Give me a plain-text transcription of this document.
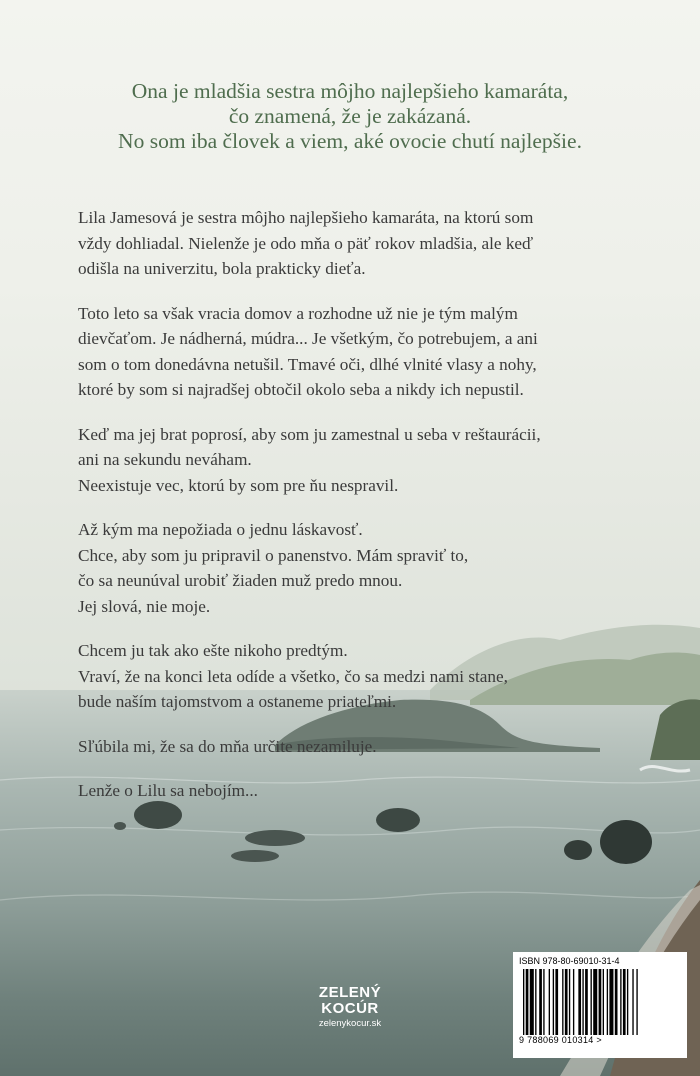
Ona je mladšia sestra môjho najlepšieho kamaráta,
čo znamená, že je zakázaná.
No som iba človek a viem, aké ovocie chutí najlepšie.

Lila Jamesová je sestra môjho najlepšieho kamaráta, na ktorú som
vždy dohliadal. Nielenže je odo mňa o päť rokov mladšia, ale keď
odišla na univerzitu, bola prakticky dieťa.

Toto leto sa však vracia domov a rozhodne už nie je tým malým
dievčaťom. Je nádherná, múdra... Je všetkým, čo potrebujem, a ani
som o tom donedávna netušil. Tmavé oči, dlhé vlnité vlasy a nohy,
ktoré by som si najradšej obtočil okolo seba a nikdy ich nepustil.

Keď ma jej brat poprosí, aby som ju zamestnal u seba v reštaurácii,
ani na sekundu neváham.
Neexistuje vec, ktorú by som pre ňu nespravil.

Až kým ma nepožiada o jednu láskavosť.
Chce, aby som ju pripravil o panenstvo. Mám spraviť to,
čo sa neunúval urobiť žiaden muž predo mnou.
Jej slová, nie moje.

Chcem ju tak ako ešte nikoho predtým.
Vraví, že na konci leta odíde a všetko, čo sa medzi nami stane,
bude naším tajomstvom a ostaneme priateľmi.

Sľúbila mi, že sa do mňa určite nezamiluje.

Lenže o Lilu sa nebojím...

ZELENÝ
KOCÚR
zelenykocur.sk
ISBN 978-80-69010-31-4
9 788069 010314 >
